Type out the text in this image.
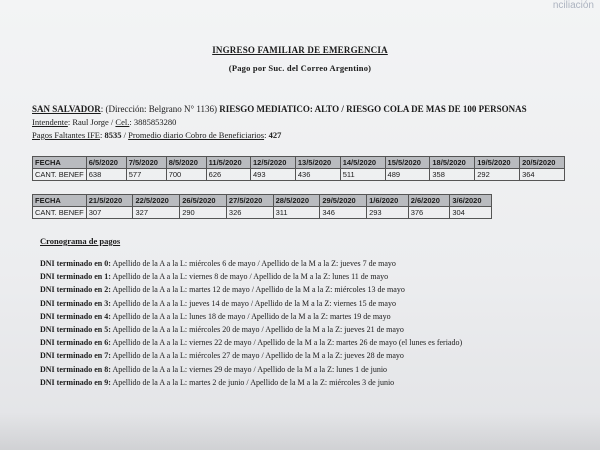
nciliación
INGRESO FAMILIAR DE EMERGENCIA
(Pago por Suc. del Correo Argentino)
SAN SALVADOR: (Dirección: Belgrano N° 1136) RIESGO MEDIATICO: ALTO / RIESGO COLA DE MAS DE 100 PERSONAS
Intendente: Raul Jorge / Cel.: 3885853280
Pagos Faltantes IFE: 8535 / Promedio diario Cobro de Beneficiarios: 427
FECHA	6/5/2020	7/5/2020	8/5/2020	11/5/2020	12/5/2020	13/5/2020	14/5/2020	15/5/2020	18/5/2020	19/5/2020	20/5/2020
CANT. BENEF	638	577	700	626	493	436	511	489	358	292	364
FECHA	21/5/2020	22/5/2020	26/5/2020	27/5/2020	28/5/2020	29/5/2020	1/6/2020	2/6/2020	3/6/2020
CANT. BENEF	307	327	290	326	311	346	293	376	304
Cronograma de pagos
DNI terminado en 0: Apellido de la A a la L: miércoles 6 de mayo / Apellido de la M a la Z: jueves 7 de mayo
DNI terminado en 1: Apellido de la A a la L: viernes 8 de mayo / Apellido de la M a la Z: lunes 11 de mayo
DNI terminado en 2: Apellido de la A a la L: martes 12 de mayo / Apellido de la M a la Z: miércoles 13 de mayo
DNI terminado en 3: Apellido de la A a la L: jueves 14 de mayo / Apellido de la M a la Z: viernes 15 de mayo
DNI terminado en 4: Apellido de la A a la L: lunes 18 de mayo / Apellido de la M a la Z: martes 19 de mayo
DNI terminado en 5: Apellido de la A a la L: miércoles 20 de mayo / Apellido de la M a la Z: jueves 21 de mayo
DNI terminado en 6: Apellido de la A a la L: viernes 22 de mayo / Apellido de la M a la Z: martes 26 de mayo (el lunes es feriado)
DNI terminado en 7: Apellido de la A a la L: miércoles 27 de mayo / Apellido de la M a la Z: jueves 28 de mayo
DNI terminado en 8: Apellido de la A a la L: viernes 29 de mayo / Apellido de la M a la Z: lunes 1 de junio
DNI terminado en 9: Apellido de la A a la L: martes 2 de junio / Apellido de la M a la Z: miércoles 3 de junio
